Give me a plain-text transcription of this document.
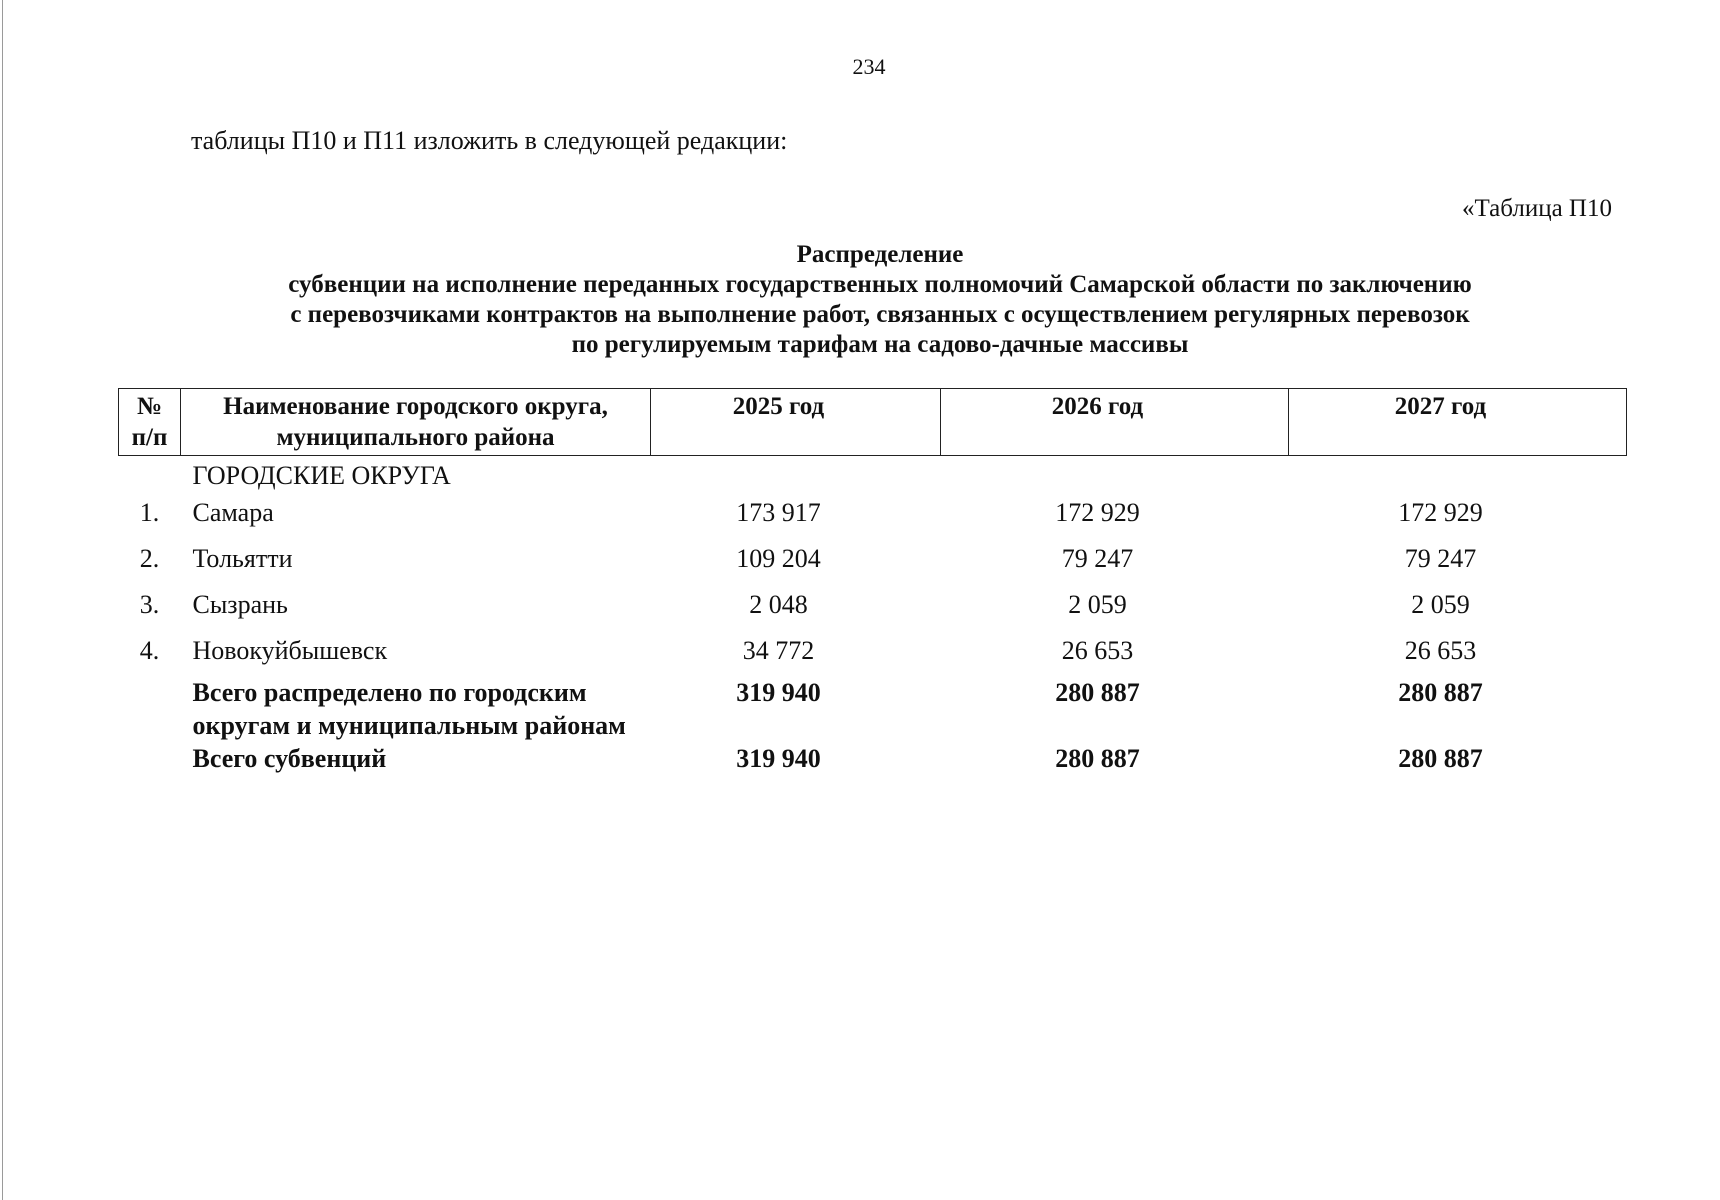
234
таблицы П10 и П11 изложить в следующей редакции:
«Таблица П10
Распределение
субвенции на исполнение переданных государственных полномочий Самарской области по заключению
с перевозчиками контрактов на выполнение работ, связанных с осуществлением регулярных перевозок
по регулируемым тарифам на садово-дачные массивы
№ п/п	Наименование городского округа, муниципального района	2025 год	2026 год	2027 год
	ГОРОДСКИЕ ОКРУГА			
1.	Самара	173 917	172 929	172 929
2.	Тольятти	109 204	79 247	79 247
3.	Сызрань	2 048	2 059	2 059
4.	Новокуйбышевск	34 772	26 653	26 653
	Всего распределено по городским округам и муниципальным районам	319 940	280 887	280 887
	Всего субвенций	319 940	280 887	280 887
